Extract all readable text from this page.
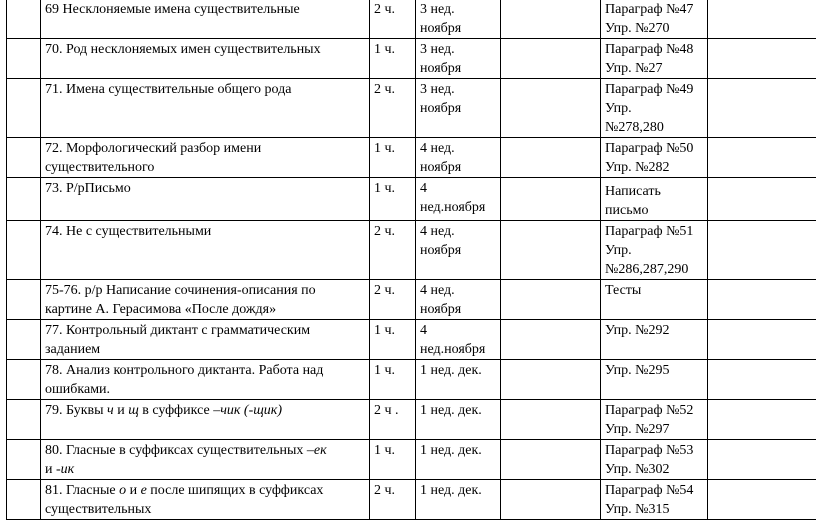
	69 Несклоняемые имена существительные	2 ч.	3 нед.
ноября		Параграф №47
Упр. №270		
	70. Род несклоняемых имен существительных	1 ч.	3 нед.
ноября		Параграф №48
Упр. №27		
	71. Имена существительные общего рода	2 ч.	3 нед.
ноября		Параграф №49
Упр.
№278,280		
	72. Морфологический разбор имени
существительного	1 ч.	4 нед.
ноября		Параграф №50
Упр. №282		
	73. Р/рПисьмо	1 ч.	4
нед.ноября		Написать
письмо		
	74. Не с существительными	2 ч.	4 нед.
ноября		Параграф №51
Упр.
№286,287,290		
	75-76. р/р Написание сочинения-описания по
картине А. Герасимова «После дождя»	2 ч.	4 нед.
ноября		Тесты		
	77. Контрольный диктант с грамматическим
заданием	1 ч.	4
нед.ноября		Упр. №292		
	78. Анализ контрольного диктанта. Работа над
ошибками.	1 ч.	1 нед. дек.		Упр. №295		
	79. Буквы ч и щ в суффиксе –чик (-щик)	2 ч .	1 нед. дек.		Параграф №52
Упр. №297		
	80. Гласные в суффиксах существительных –ек
и -ик	1 ч.	1 нед. дек.		Параграф №53
Упр. №302		
	81. Гласные о и е после шипящих в суффиксах
существительных	2 ч.	1 нед. дек.		Параграф №54
Упр. №315		
